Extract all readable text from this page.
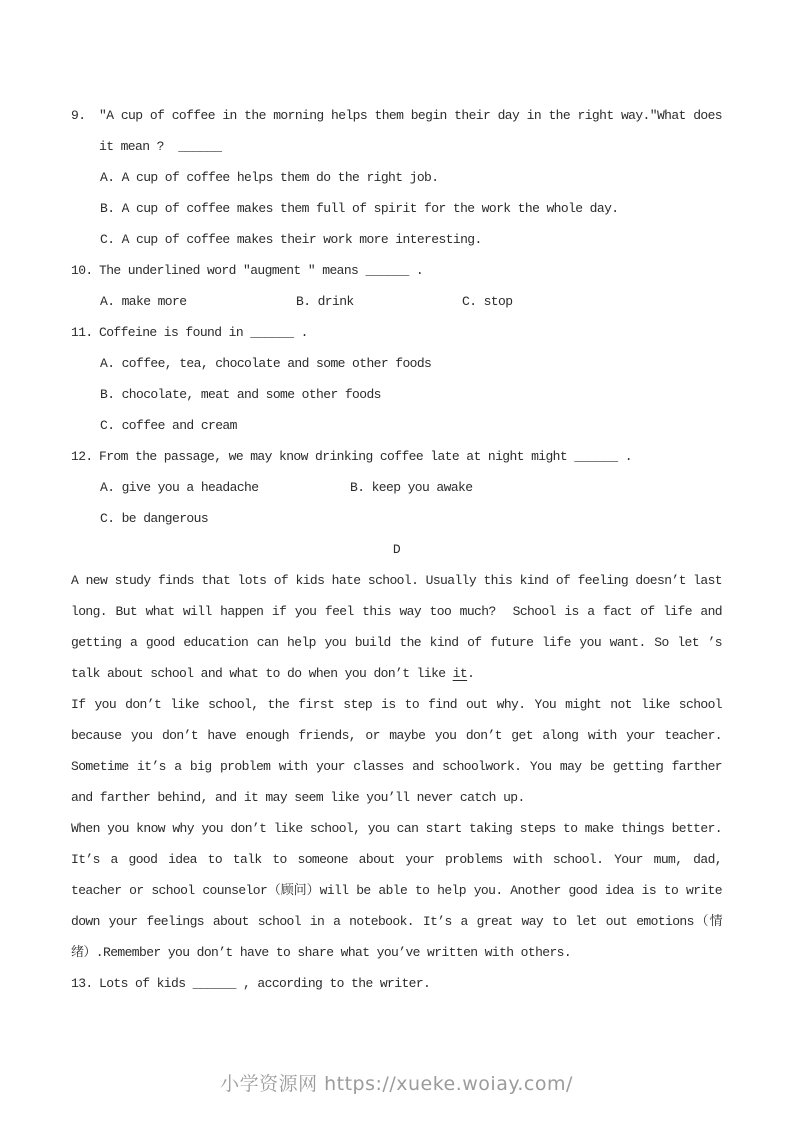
9.	″A cup of coffee in the morning helps them begin their day in the right way.″What does it mean ?  ______
A. A cup of coffee helps them do the right job.
B. A cup of coffee makes them full of spirit for the work the whole day.
C. A cup of coffee makes their work more interesting.
10. The underlined word ″augment ″ means ______ .
A. make more	B. drink	C. stop
11. Coffeine is found in ______ .
A. coffee, tea, chocolate and some other foods
B. chocolate, meat and some other foods
C. coffee and cream
12. From the passage, we may know drinking coffee late at night might ______ .
A. give you a headache	B. keep you awake
C. be dangerous
D
A new study finds that lots of kids hate school. Usually this kind of feeling doesn’t last long. But what will happen if you feel this way too much?  School is a fact of life and getting a good education can help you build the kind of future life you want. So let ’s talk about school and what to do when you don’t like it.
If you don’t like school, the first step is to find out why. You might not like school because you don’t have enough friends, or maybe you don’t get along with your teacher. Sometime it’s a big problem with your classes and schoolwork. You may be getting farther and farther behind, and it may seem like you’ll never catch up.
When you know why you don’t like school, you can start taking steps to make things better. It’s a good idea to talk to someone about your problems with school. Your mum, dad, teacher or school counselor（顾问）will be able to help you. Another good idea is to write down your feelings about school in a notebook. It’s a great way to let out emotions（情绪）.Remember you don’t have to share what you’ve written with others.
13. Lots of kids ______ , according to the writer.
小学资源网 https://xueke.woiay.com/
